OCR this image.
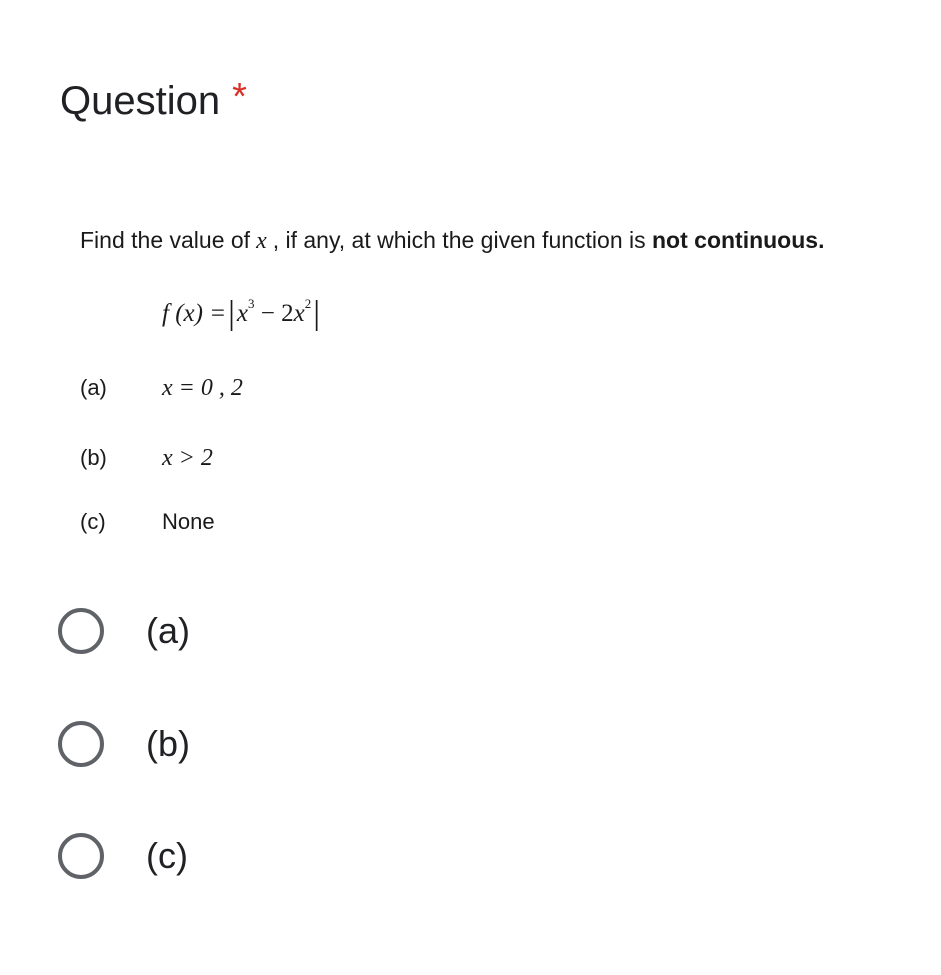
Question *
Find the value of x , if any, at which the given function is not continuous.
f $(x) =|x^3 - 2x^2|$
(a)	x = 0 , 2
(b)	x > 2
(c)	None
(a)
(b)
(c)
